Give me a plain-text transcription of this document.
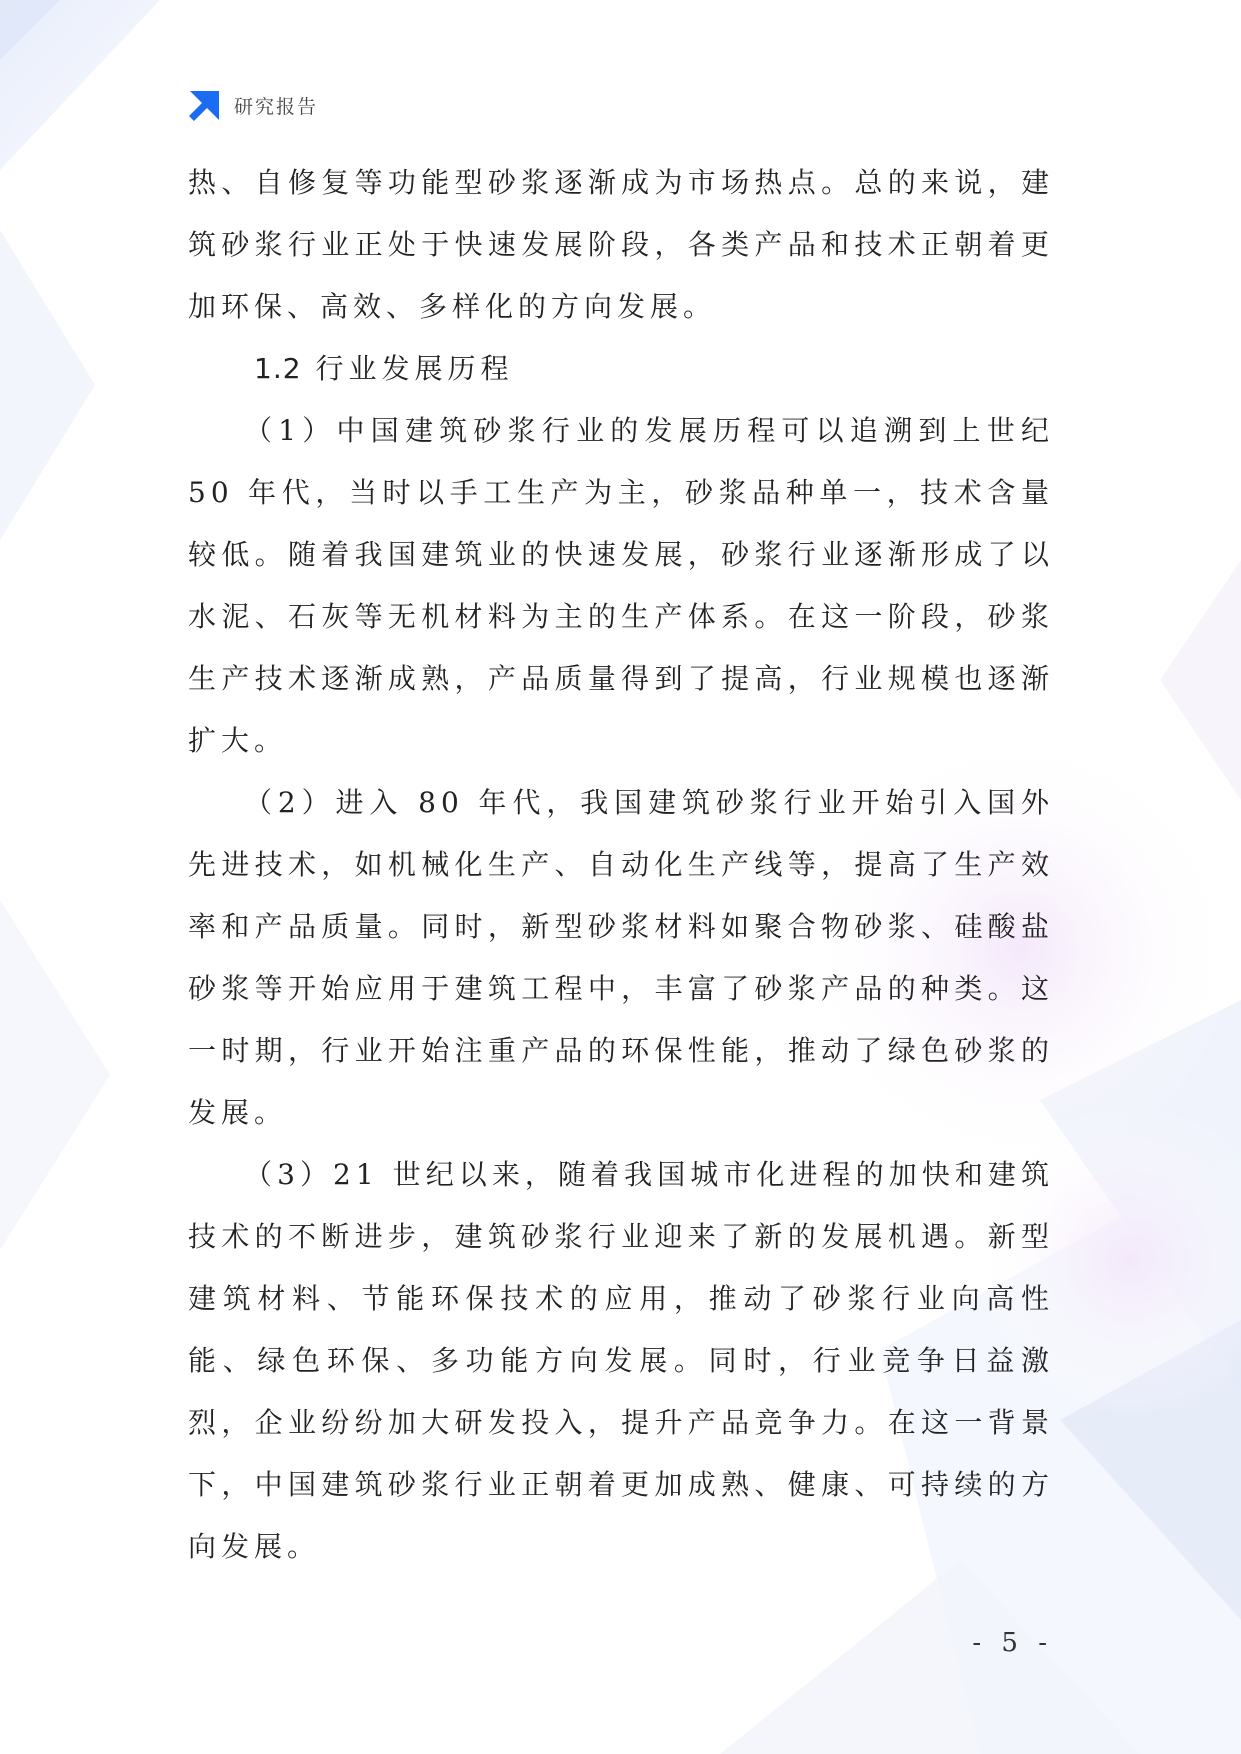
研究报告

热、自修复等功能型砂浆逐渐成为市场热点。总的来说，建筑砂浆行业正处于快速发展阶段，各类产品和技术正朝着更加环保、高效、多样化的方向发展。

1.2 行业发展历程

（1）中国建筑砂浆行业的发展历程可以追溯到上世纪50 年代，当时以手工生产为主，砂浆品种单一，技术含量较低。随着我国建筑业的快速发展，砂浆行业逐渐形成了以水泥、石灰等无机材料为主的生产体系。在这一阶段，砂浆生产技术逐渐成熟，产品质量得到了提高，行业规模也逐渐扩大。

（2）进入 80 年代，我国建筑砂浆行业开始引入国外先进技术，如机械化生产、自动化生产线等，提高了生产效率和产品质量。同时，新型砂浆材料如聚合物砂浆、硅酸盐砂浆等开始应用于建筑工程中，丰富了砂浆产品的种类。这一时期，行业开始注重产品的环保性能，推动了绿色砂浆的发展。

（3）21 世纪以来，随着我国城市化进程的加快和建筑技术的不断进步，建筑砂浆行业迎来了新的发展机遇。新型建筑材料、节能环保技术的应用，推动了砂浆行业向高性能、绿色环保、多功能方向发展。同时，行业竞争日益激烈，企业纷纷加大研发投入，提升产品竞争力。在这一背景下，中国建筑砂浆行业正朝着更加成熟、健康、可持续的方向发展。

- 5 -
